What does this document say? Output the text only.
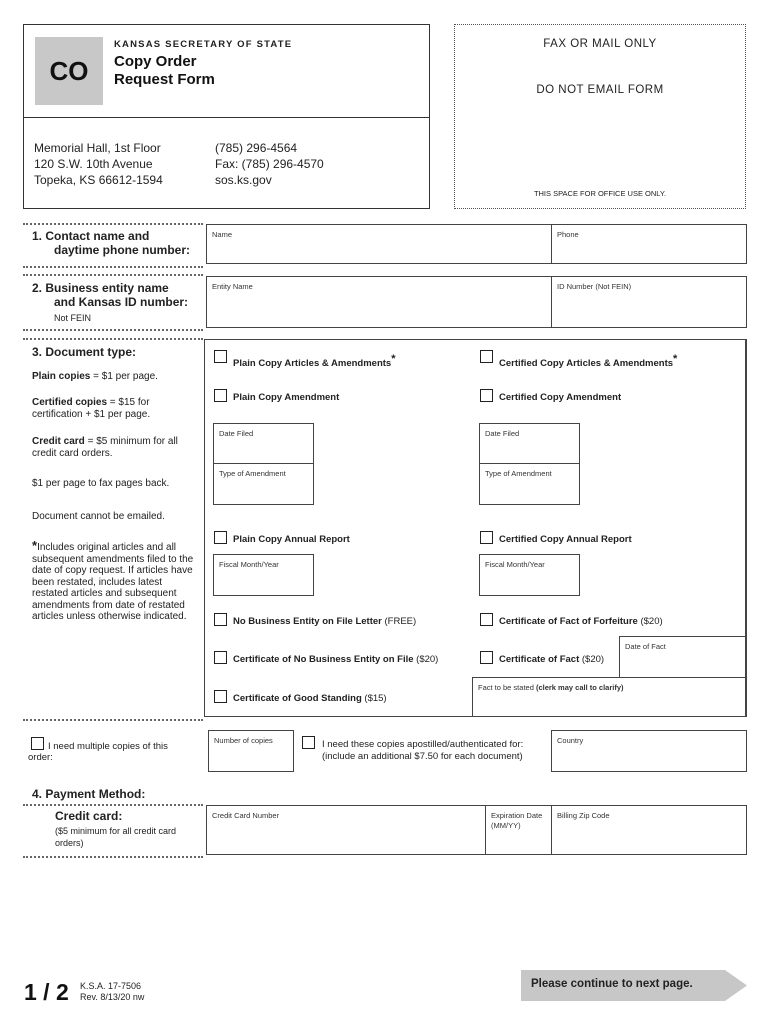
CO
KANSAS SECRETARY OF STATE
Copy Order
Request Form
Memorial Hall, 1st Floor
120 S.W. 10th Avenue
Topeka, KS 66612-1594
(785) 296-4564
Fax: (785) 296-4570
sos.ks.gov
FAX OR MAIL ONLY
DO NOT EMAIL FORM
THIS SPACE FOR OFFICE USE ONLY.
1. Contact name and
daytime phone number:
Name	Phone
2. Business entity name
and Kansas ID number:
Not FEIN
Entity Name	ID Number (Not FEIN)
3. Document type:
Plain copies = $1 per page.
Certified copies = $15 for certification + $1 per page.
Credit card = $5 minimum for all credit card orders.
$1 per page to fax pages back.
Document cannot be emailed.
*Includes original articles and all subsequent amendments filed to the date of copy request. If articles have been restated, includes latest restated articles and subsequent amendments from date of restated articles unless otherwise indicated.
Plain Copy Articles & Amendments*	Certified Copy Articles & Amendments*
Plain Copy Amendment	Certified Copy Amendment
Date Filed
Type of Amendment
Date Filed
Type of Amendment
Plain Copy Annual Report	Certified Copy Annual Report
Fiscal Month/Year	Fiscal Month/Year
No Business Entity on File Letter (FREE)	Certificate of Fact of Forfeiture ($20)
Certificate of No Business Entity on File ($20)	Certificate of Fact ($20)
Date of Fact
Fact to be stated (clerk may call to clarify)
Certificate of Good Standing ($15)
I need multiple copies of this order:
Number of copies	I need these copies apostilled/authenticated for:
(include an additional $7.50 for each document)
Country
4. Payment Method:
Credit card:
($5 minimum for all credit card orders)
Credit Card Number	Expiration Date (MM/YY)
Billing Zip Code
1 / 2 K.S.A. 17-7506
Rev. 8/13/20 nw
Please continue to next page.
